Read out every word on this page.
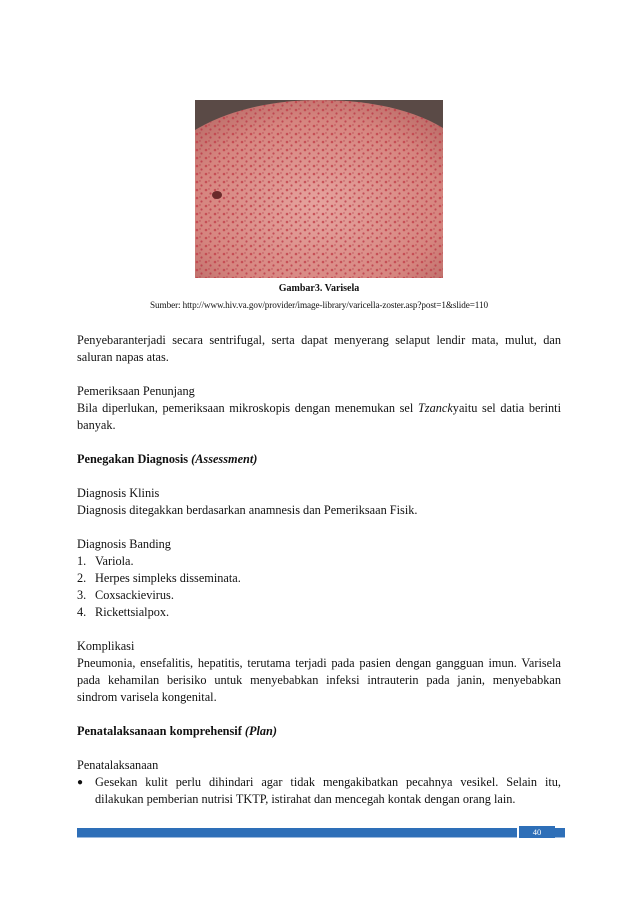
Gambar3. Varisela
Sumber: http://www.hiv.va.gov/provider/image-library/varicella-zoster.asp?post=1&slide=110

Penyebaranterjadi secara sentrifugal, serta dapat menyerang selaput lendir mata, mulut, dan saluran napas atas.

Pemeriksaan Penunjang

Bila diperlukan, pemeriksaan mikroskopis dengan menemukan sel Tzanckyaitu sel datia berinti banyak.

Penegakan Diagnosis (Assessment)

Diagnosis Klinis

Diagnosis ditegakkan berdasarkan anamnesis dan Pemeriksaan Fisik.

Diagnosis Banding

1. Variola.
2. Herpes simpleks disseminata.
3. Coxsackievirus.
4. Rickettsialpox.

Komplikasi

Pneumonia, ensefalitis, hepatitis, terutama terjadi pada pasien dengan gangguan imun. Varisela pada kehamilan berisiko untuk menyebabkan infeksi intrauterin pada janin, menyebabkan sindrom varisela kongenital.

Penatalaksanaan komprehensif (Plan)

Penatalaksanaan

● Gesekan kulit perlu dihindari agar tidak mengakibatkan pecahnya vesikel. Selain itu, dilakukan pemberian nutrisi TKTP, istirahat dan mencegah kontak dengan orang lain.
40
